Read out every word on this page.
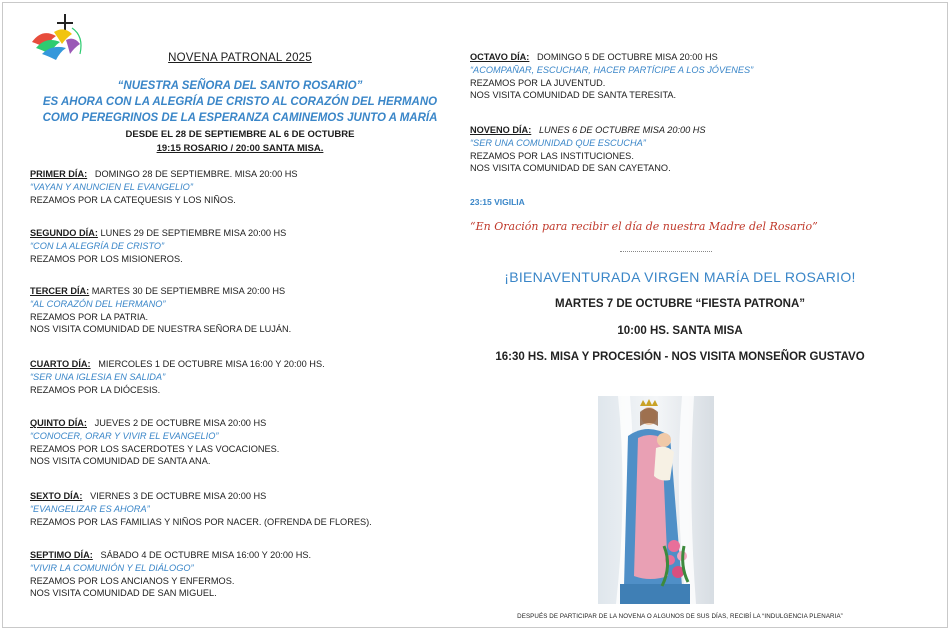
NOVENA PATRONAL 2025
“NUESTRA SEÑORA DEL SANTO ROSARIO”
ES AHORA CON LA ALEGRÍA DE CRISTO AL CORAZÓN DEL HERMANO
COMO PEREGRINOS DE LA ESPERANZA CAMINEMOS JUNTO A MARÍA
DESDE EL 28 DE SEPTIEMBRE AL 6 DE OCTUBRE
19:15 ROSARIO / 20:00 SANTA MISA.
PRIMER DÍA: DOMINGO 28 DE SEPTIEMBRE. MISA 20:00 HS
“VAYAN Y ANUNCIEN EL EVANGELIO”
REZAMOS POR LA CATEQUESIS Y LOS NIÑOS.
SEGUNDO DÍA: LUNES 29 DE SEPTIEMBRE MISA 20:00 HS
“CON LA ALEGRÍA DE CRISTO”
REZAMOS POR LOS MISIONEROS.
TERCER DÍA: MARTES 30 DE SEPTIEMBRE MISA 20:00 HS
“AL CORAZÓN DEL HERMANO”
REZAMOS POR LA PATRIA.
NOS VISITA COMUNIDAD DE NUESTRA SEÑORA DE LUJÁN.
CUARTO DÍA: MIERCOLES 1 DE OCTUBRE MISA 16:00 Y 20:00 HS.
“SER UNA IGLESIA EN SALIDA”
REZAMOS POR LA DIÓCESIS.
QUINTO DÍA: JUEVES 2 DE OCTUBRE MISA 20:00 HS
“CONOCER, ORAR Y VIVIR EL EVANGELIO”
REZAMOS POR LOS SACERDOTES Y LAS VOCACIONES.
NOS VISITA COMUNIDAD DE SANTA ANA.
SEXTO DÍA: VIERNES 3 DE OCTUBRE MISA 20:00 HS
“EVANGELIZAR ES AHORA”
REZAMOS POR LAS FAMILIAS Y NIÑOS POR NACER. (OFRENDA DE FLORES).
SEPTIMO DÍA: SÁBADO 4 DE OCTUBRE MISA 16:00 Y 20:00 HS.
“VIVIR LA COMUNIÓN Y EL DIÁLOGO”
REZAMOS POR LOS ANCIANOS Y ENFERMOS.
NOS VISITA COMUNIDAD DE SAN MIGUEL.
OCTAVO DÍA: DOMINGO 5 DE OCTUBRE MISA 20:00 HS
“ACOMPAÑAR, ESCUCHAR, HACER PARTÍCIPE A LOS JÓVENES”
REZAMOS POR LA JUVENTUD.
NOS VISITA COMUNIDAD DE SANTA TERESITA.
NOVENO DÍA: LUNES 6 DE OCTUBRE MISA 20:00 HS
“SER UNA COMUNIDAD QUE ESCUCHA”
REZAMOS POR LAS INSTITUCIONES.
NOS VISITA COMUNIDAD DE SAN CAYETANO.
23:15 VIGILIA
“En Oración para recibir el día de nuestra Madre del Rosario”
¡BIENAVENTURADA VIRGEN MARÍA DEL ROSARIO!
MARTES 7 DE OCTUBRE “FIESTA PATRONA”
10:00 HS. SANTA MISA
16:30 HS. MISA Y PROCESIÓN - NOS VISITA MONSEÑOR GUSTAVO
DESPUÉS DE PARTICIPAR DE LA NOVENA O ALGUNOS DE SUS DÍAS, RECIBÍ LA “INDULGENCIA PLENARIA”
